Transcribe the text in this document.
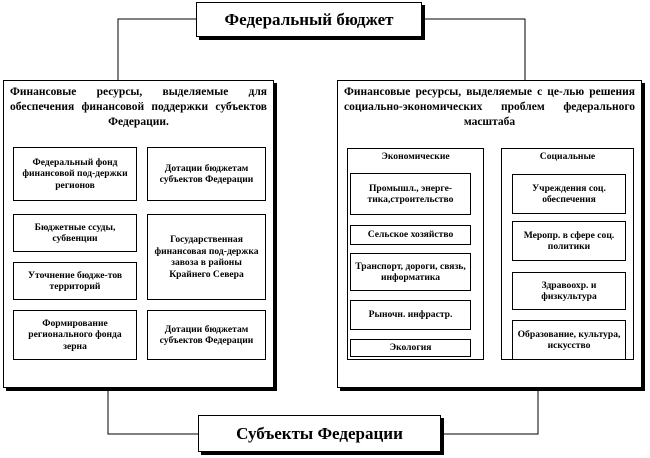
Федеральный бюджет
Финансовые ресурсы, выделяемые для обеспечения финансовой поддержки субъектов Федерации.
Федеральный фонд финансовой под-держки регионов
Дотации бюджетам субъектов Федерации
Бюджетные ссуды, субвенции	Государственная финансовая под-держка завоза в районы Крайнего Севера
Уточнение бюдже-тов территорий
Формирование регионального фонда зерна
Дотации бюджетам субъектов Федерации
Финансовые ресурсы, выделяемые с це-лью решения социально-экономических проблем федерального масштаба
Экономические
Промышл., энерге-тика,строительство
Сельское хозяйство
Транспорт, дороги, связь, информатика
Рыночн. инфрастр.
Экология
Социальные
Учреждения соц. обеспечения
Меропр. в сфере соц. политики
Здравоохр. и физкультура
Образование, культура, искусство
Субъекты Федерации
